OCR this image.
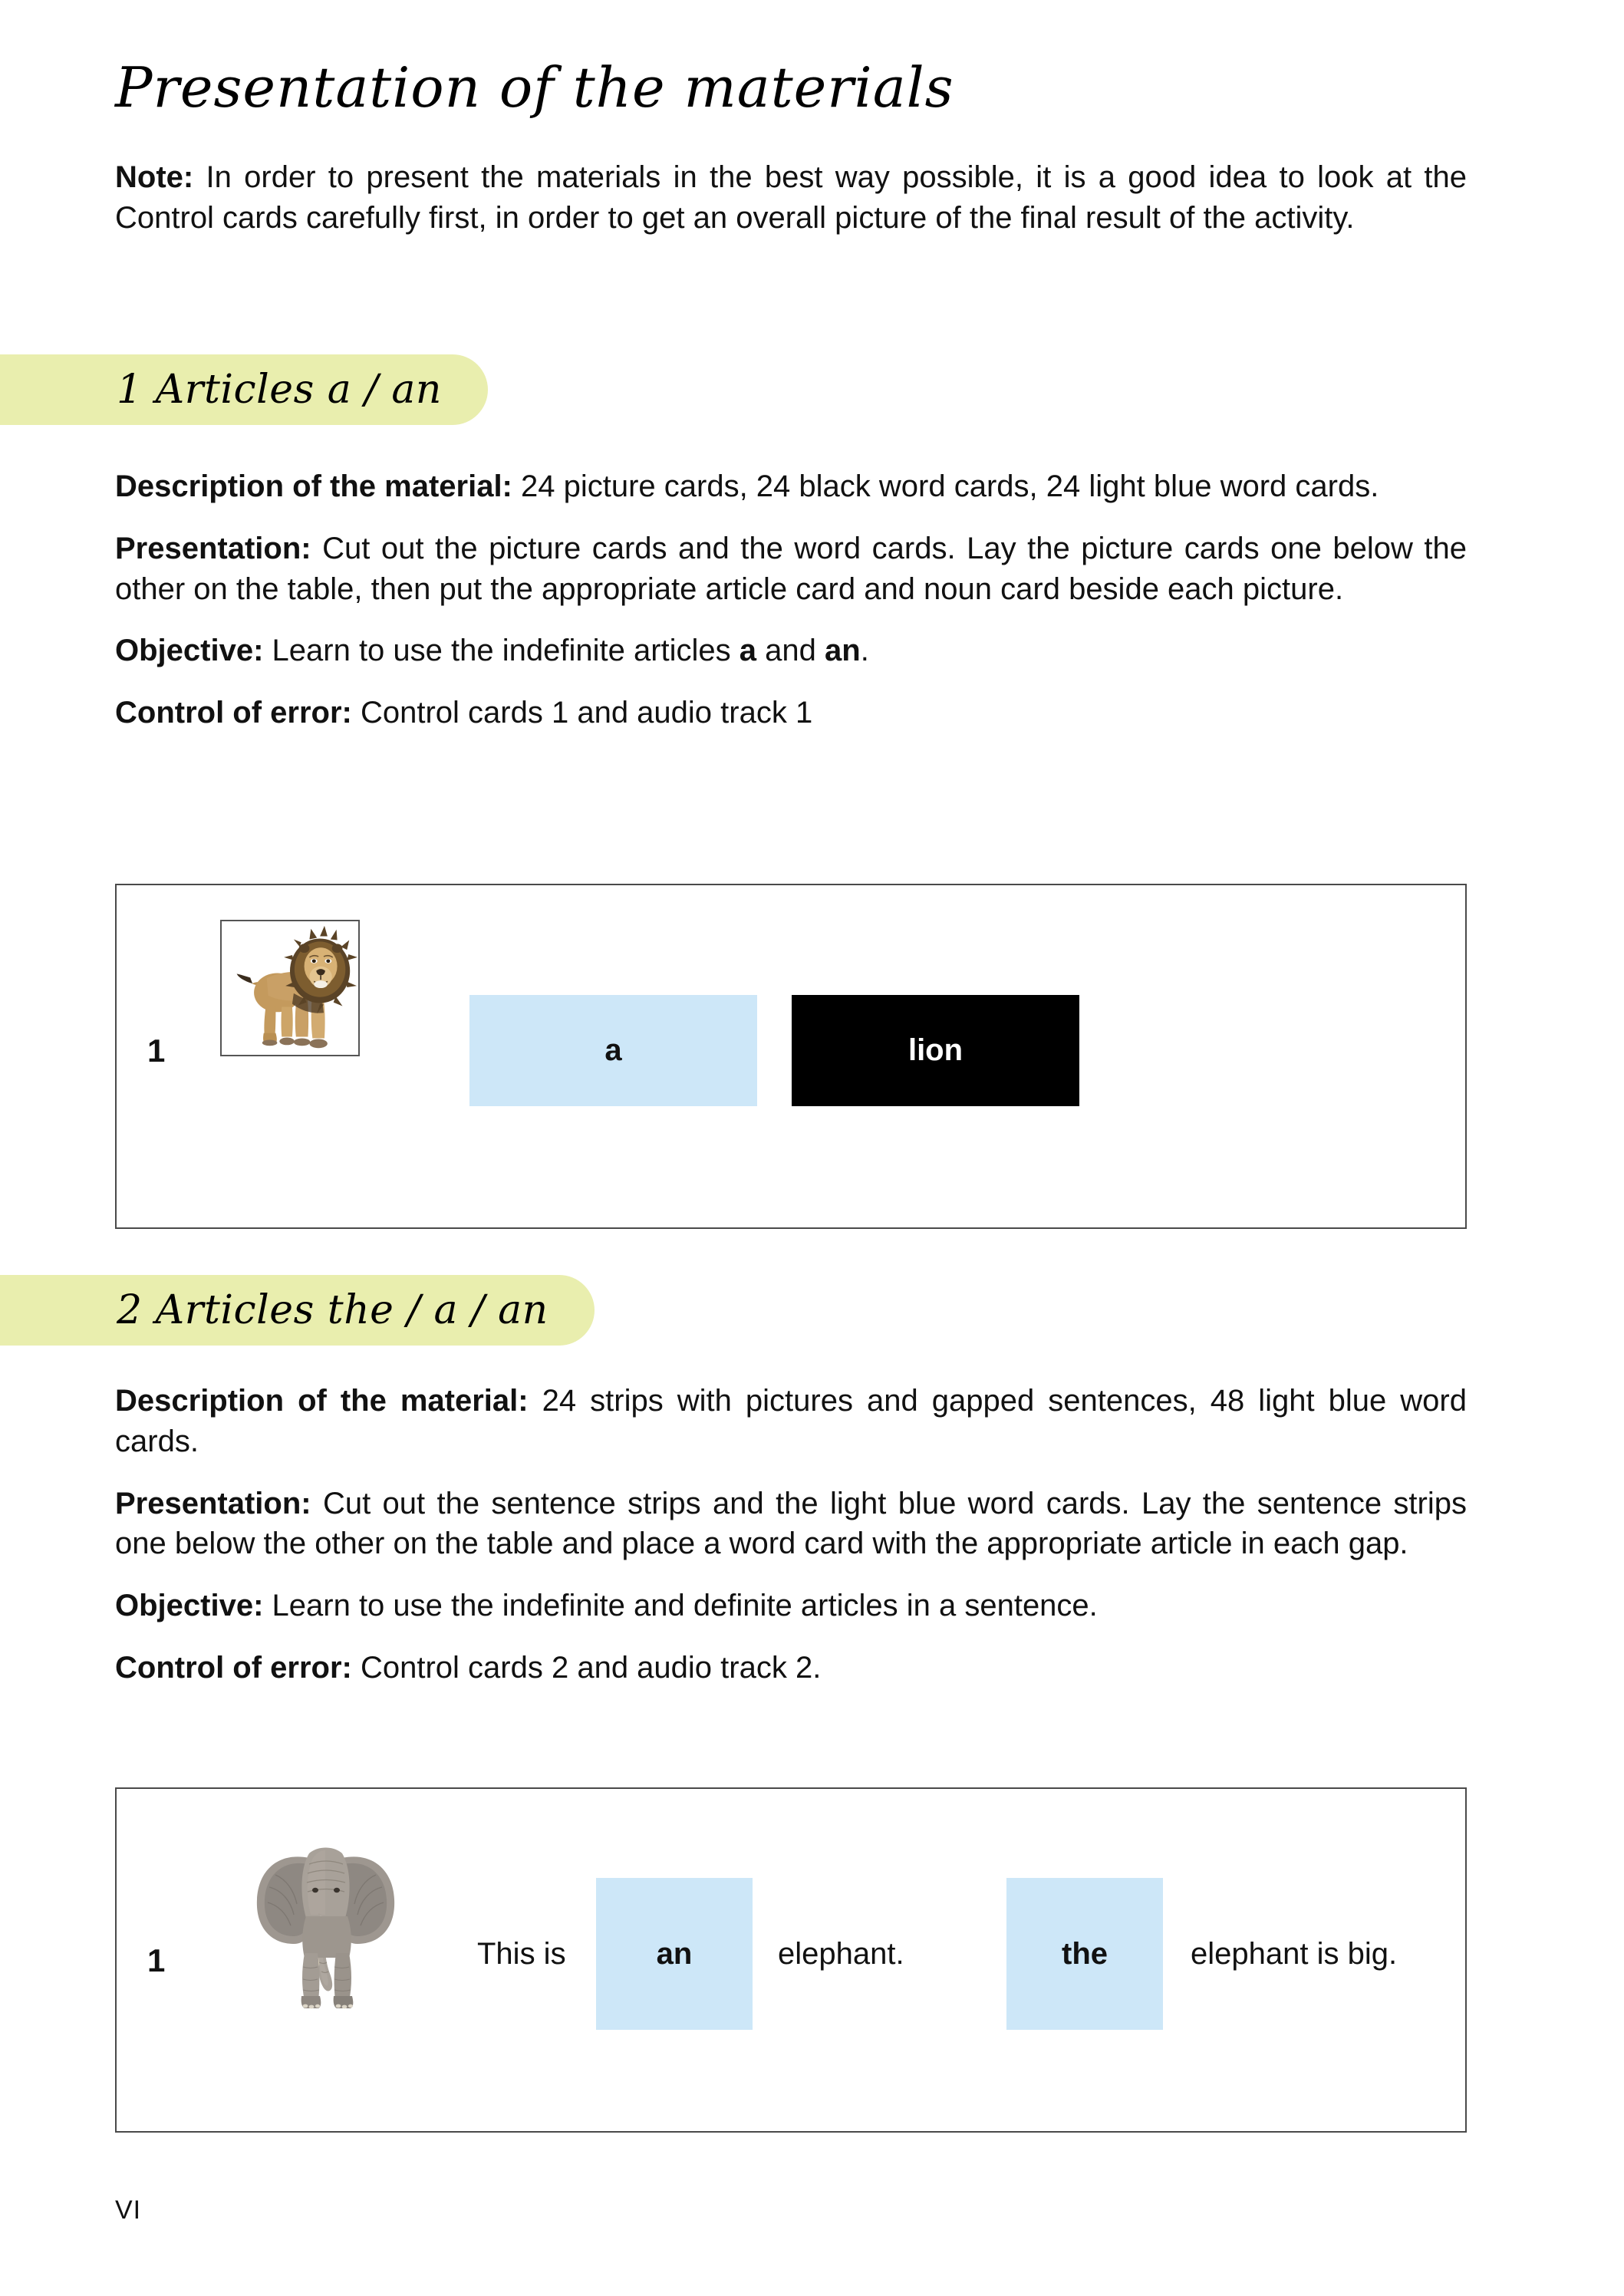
Presentation of the materials

Note: In order to present the materials in the best way possible, it is a good idea to look at the Control cards carefully first, in order to get an overall picture of the final result of the activity.

1 Articles a / an

Description of the material: 24 picture cards, 24 black word cards, 24 light blue word cards.

Presentation: Cut out the picture cards and the word cards. Lay the picture cards one below the other on the table, then put the appropriate article card and noun card beside each picture.

Objective: Learn to use the indefinite articles a and an.

Control of error: Control cards 1 and audio track 1

1	a	lion
2 Articles the / a / an

Description of the material: 24 strips with pictures and gapped sentences, 48 light blue word cards.

Presentation: Cut out the sentence strips and the light blue word cards. Lay the sentence strips one below the other on the table and place a word card with the appropriate article in each gap.

Objective: Learn to use the indefinite and definite articles in a sentence.

Control of error: Control cards 2 and audio track 2.

1	This is	an	elephant.	the	elephant is big.
VI
